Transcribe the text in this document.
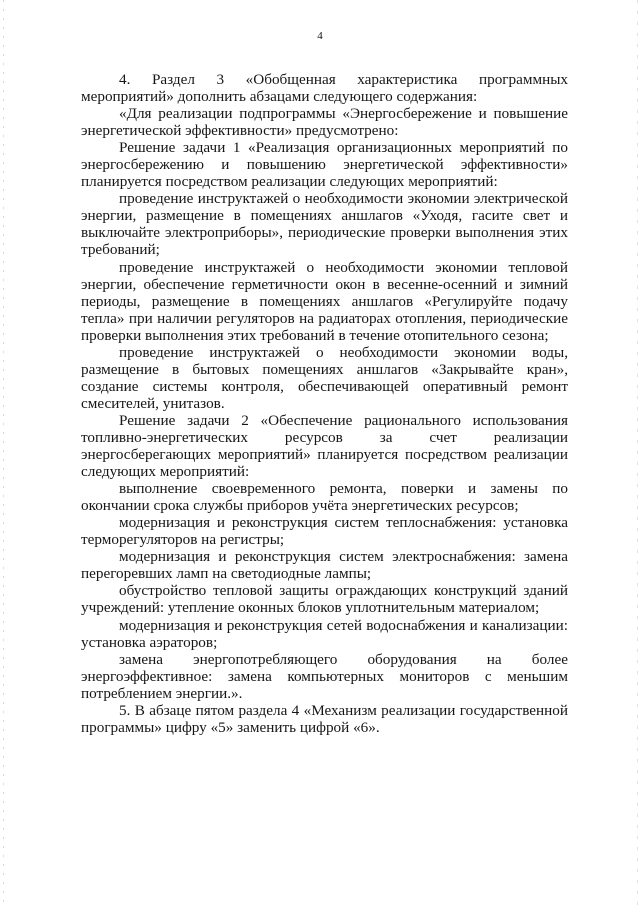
4

4. Раздел 3 «Обобщенная характеристика программных мероприятий» дополнить абзацами следующего содержания:

«Для реализации подпрограммы «Энергосбережение и повышение энергетической эффективности» предусмотрено:

Решение задачи 1 «Реализация организационных мероприятий по энергосбережению и повышению энергетической эффективности» планируется посредством реализации следующих мероприятий:

проведение инструктажей о необходимости экономии электрической энергии, размещение в помещениях аншлагов «Уходя, гасите свет и выключайте электроприборы», периодические проверки выполнения этих требований;

проведение инструктажей о необходимости экономии тепловой энергии, обеспечение герметичности окон в весенне-осенний и зимний периоды, размещение в помещениях аншлагов «Регулируйте подачу тепла» при наличии регуляторов на радиаторах отопления, периодические проверки выполнения этих требований в течение отопительного сезона;

проведение инструктажей о необходимости экономии воды, размещение в бытовых помещениях аншлагов «Закрывайте кран», создание системы контроля, обеспечивающей оперативный ремонт смесителей, унитазов.

Решение задачи 2 «Обеспечение рационального использования топливно-энергетических ресурсов за счет реализации энергосберегающих мероприятий» планируется посредством реализации следующих мероприятий:

выполнение своевременного ремонта, поверки и замены по окончании срока службы приборов учёта энергетических ресурсов;

модернизация и реконструкция систем теплоснабжения: установка терморегуляторов на регистры;

модернизация и реконструкция систем электроснабжения: замена перегоревших ламп на светодиодные лампы;

обустройство тепловой защиты ограждающих конструкций зданий учреждений: утепление оконных блоков уплотнительным материалом;

модернизация и реконструкция сетей водоснабжения и канализации: установка аэраторов;

замена энергопотребляющего оборудования на более энергоэффективное: замена компьютерных мониторов с меньшим потреблением энергии.».

5. В абзаце пятом раздела 4 «Механизм реализации государственной программы» цифру «5» заменить цифрой «6».
